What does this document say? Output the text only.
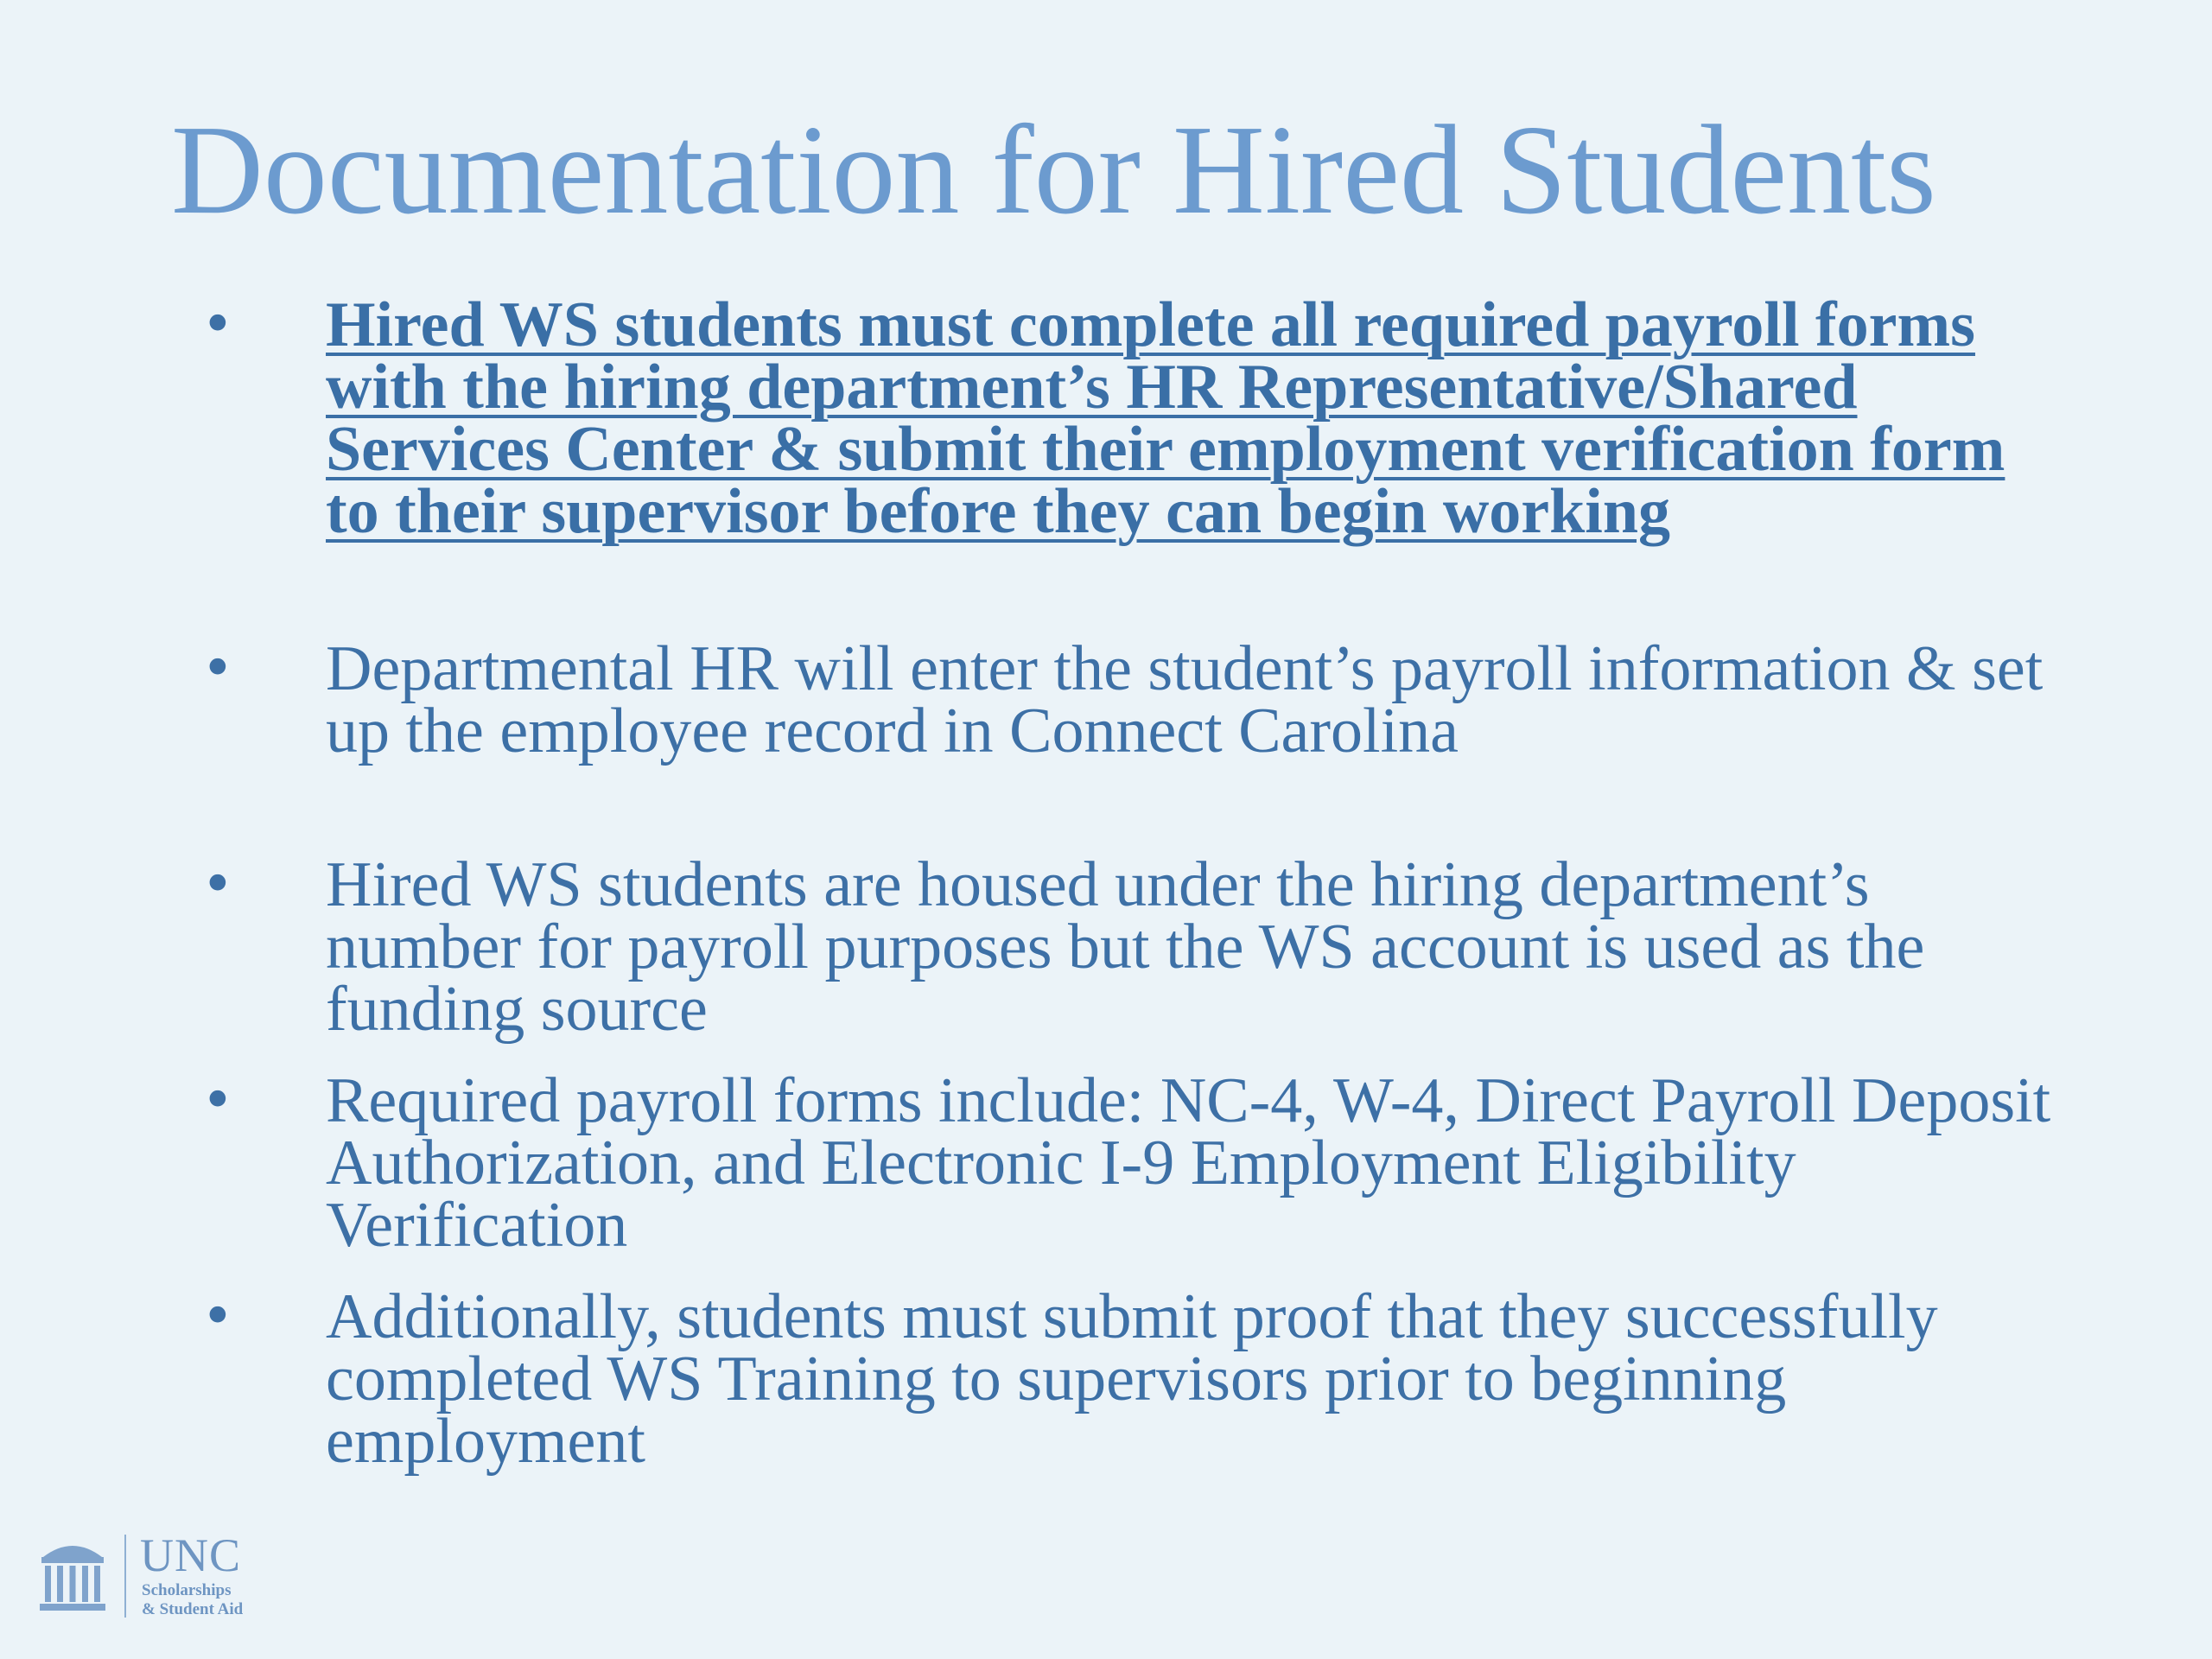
Documentation for Hired Students
• Hired WS students must complete all required payroll forms with the hiring department’s HR Representative/Shared Services Center & submit their employment verification form to their supervisor before they can begin working

• Departmental HR will enter the student’s payroll information & set up the employee record in Connect Carolina

• Hired WS students are housed under the hiring department’s number for payroll purposes but the WS account is used as the funding source

• Required payroll forms include: NC-4, W-4, Direct Payroll Deposit Authorization, and Electronic I-9 Employment Eligibility Verification

• Additionally, students must submit proof that they successfully completed WS Training to supervisors prior to beginning employment

UNC
Scholarships
& Student Aid
